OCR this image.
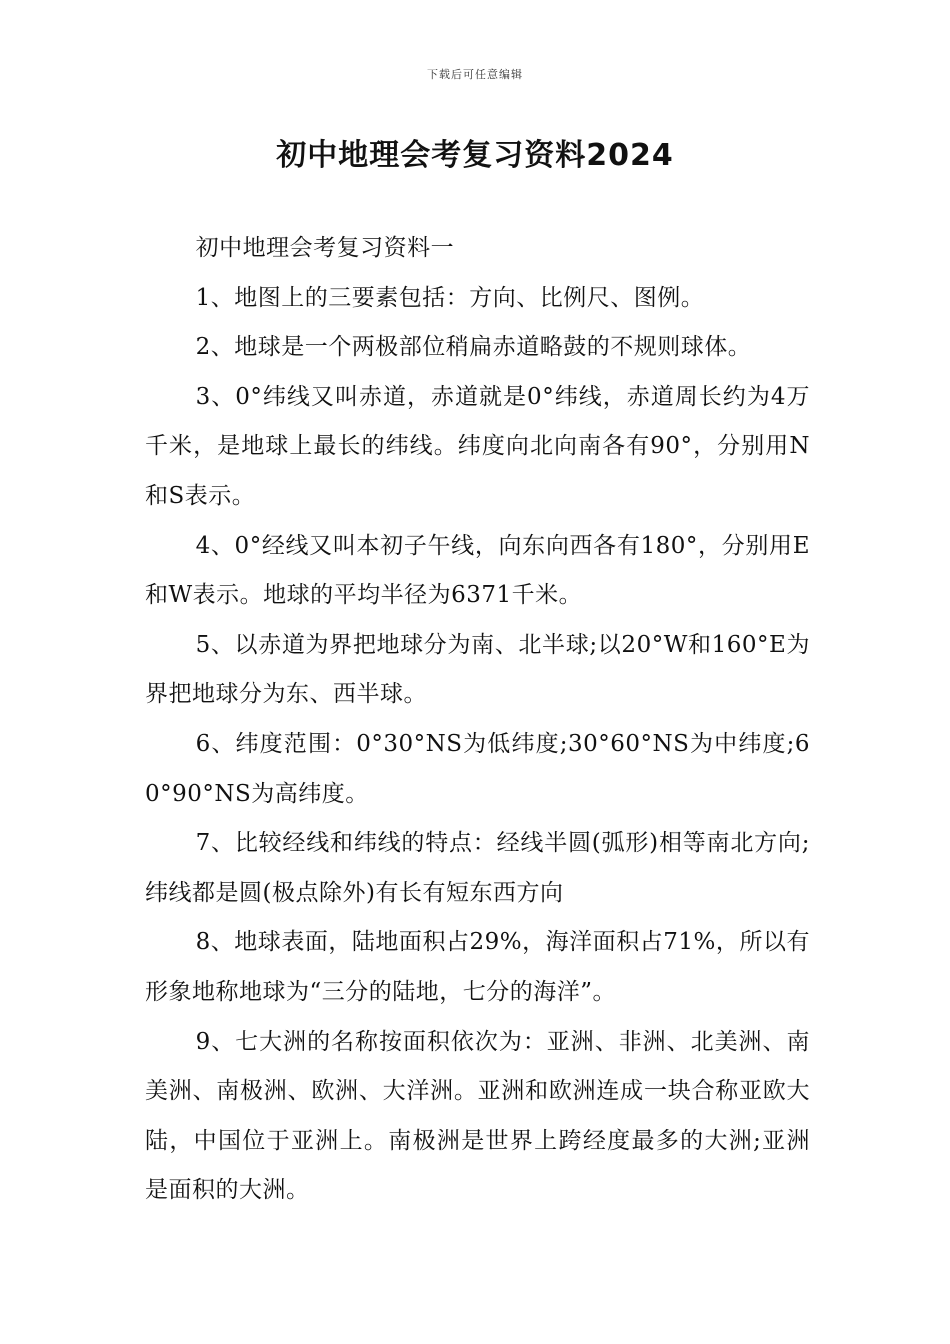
下载后可任意编辑
初中地理会考复习资料2024

初中地理会考复习资料一

1、地图上的三要素包括：方向、比例尺、图例。

2、地球是一个两极部位稍扁赤道略鼓的不规则球体。

3、0°纬线又叫赤道，赤道就是0°纬线，赤道周长约为4万千米，是地球上最长的纬线。纬度向北向南各有90°，分别用N和S表示。

4、0°经线又叫本初子午线，向东向西各有180°，分别用E和W表示。地球的平均半径为6371千米。

5、以赤道为界把地球分为南、北半球;以20°W和160°E为界把地球分为东、西半球。

6、纬度范围：0°30°NS为低纬度;30°60°NS为中纬度;60°90°NS为高纬度。

7、比较经线和纬线的特点：经线半圆(弧形)相等南北方向;纬线都是圆(极点除外)有长有短东西方向

8、地球表面，陆地面积占29%，海洋面积占71%，所以有形象地称地球为“三分的陆地，七分的海洋”。

9、七大洲的名称按面积依次为：亚洲、非洲、北美洲、南美洲、南极洲、欧洲、大洋洲。亚洲和欧洲连成一块合称亚欧大陆，中国位于亚洲上。南极洲是世界上跨经度最多的大洲;亚洲是面积的大洲。
